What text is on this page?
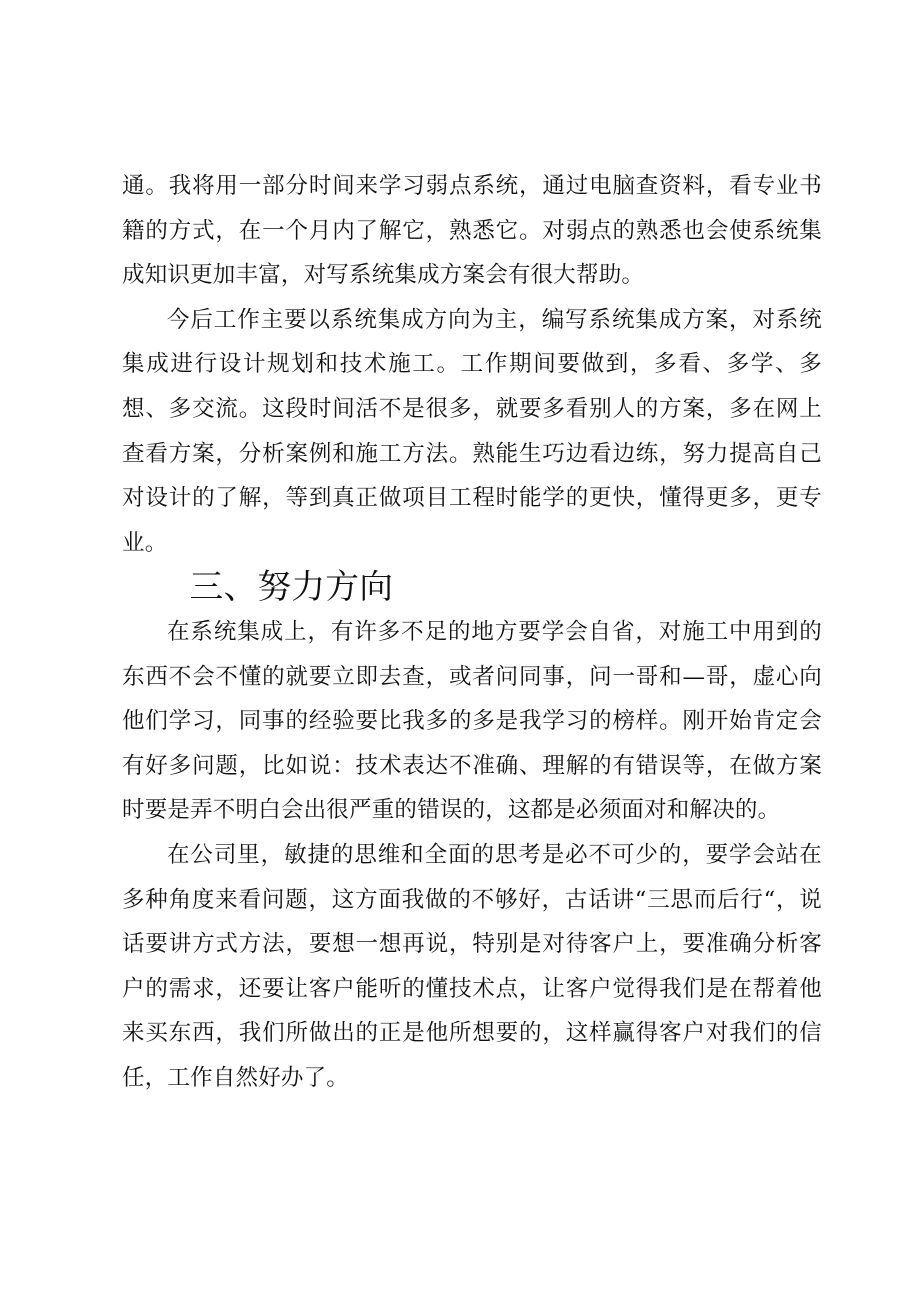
通。我将用一部分时间来学习弱点系统，通过电脑查资料，看专业书籍的方式，在一个月内了解它，熟悉它。对弱点的熟悉也会使系统集成知识更加丰富，对写系统集成方案会有很大帮助。

今后工作主要以系统集成方向为主，编写系统集成方案，对系统集成进行设计规划和技术施工。工作期间要做到，多看、多学、多想、多交流。这段时间活不是很多，就要多看别人的方案，多在网上查看方案，分析案例和施工方法。熟能生巧边看边练，努力提高自己对设计的了解，等到真正做项目工程时能学的更快，懂得更多，更专业。

三、努力方向

在系统集成上，有许多不足的地方要学会自省，对施工中用到的东西不会不懂的就要立即去查，或者问同事，问一哥和—哥，虚心向他们学习，同事的经验要比我多的多是我学习的榜样。刚开始肯定会有好多问题，比如说：技术表达不准确、理解的有错误等，在做方案时要是弄不明白会出很严重的错误的，这都是必须面对和解决的。

在公司里，敏捷的思维和全面的思考是必不可少的，要学会站在多种角度来看问题，这方面我做的不够好，古话讲“三思而后行“，说话要讲方式方法，要想一想再说，特别是对待客户上，要准确分析客户的需求，还要让客户能听的懂技术点，让客户觉得我们是在帮着他来买东西，我们所做出的正是他所想要的，这样赢得客户对我们的信任，工作自然好办了。
